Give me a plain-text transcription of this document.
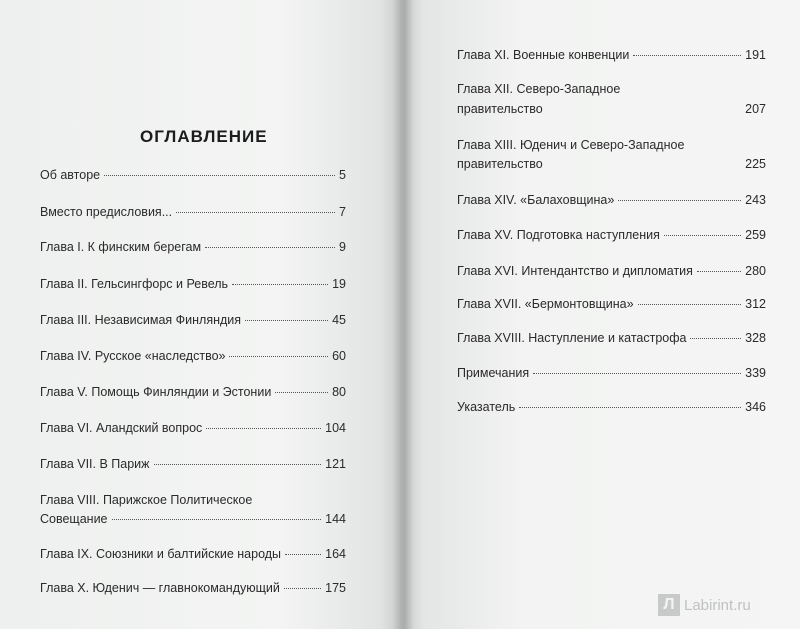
ОГЛАВЛЕНИЕ
Об авторе	5
Вместо предисловия...	7
Глава I. К финским берегам	9
Глава II. Гельсингфорс и Ревель	19
Глава III. Независимая Финляндия	45
Глава IV. Русское «наследство»	60
Глава V. Помощь Финляндии и Эстонии	80
Глава VI. Аландский вопрос	104
Глава VII. В Париж	121
Глава VIII. Парижское Политическое
Совещание	144
Глава IX. Союзники и балтийские народы	164
Глава X. Юденич — главнокомандующий	175
Глава XI. Военные конвенции	191
Глава XII. Северо-Западное
правительство	207
Глава XIII. Юденич и Северо-Западное
правительство	225
Глава XIV. «Балаховщина»	243
Глава XV. Подготовка наступления	259
Глава XVI. Интендантство и дипломатия	280
Глава XVII. «Бермонтовщина»	312
Глава XVIII. Наступление и катастрофа	328
Примечания	339
Указатель	346
Л Labirint.ru
